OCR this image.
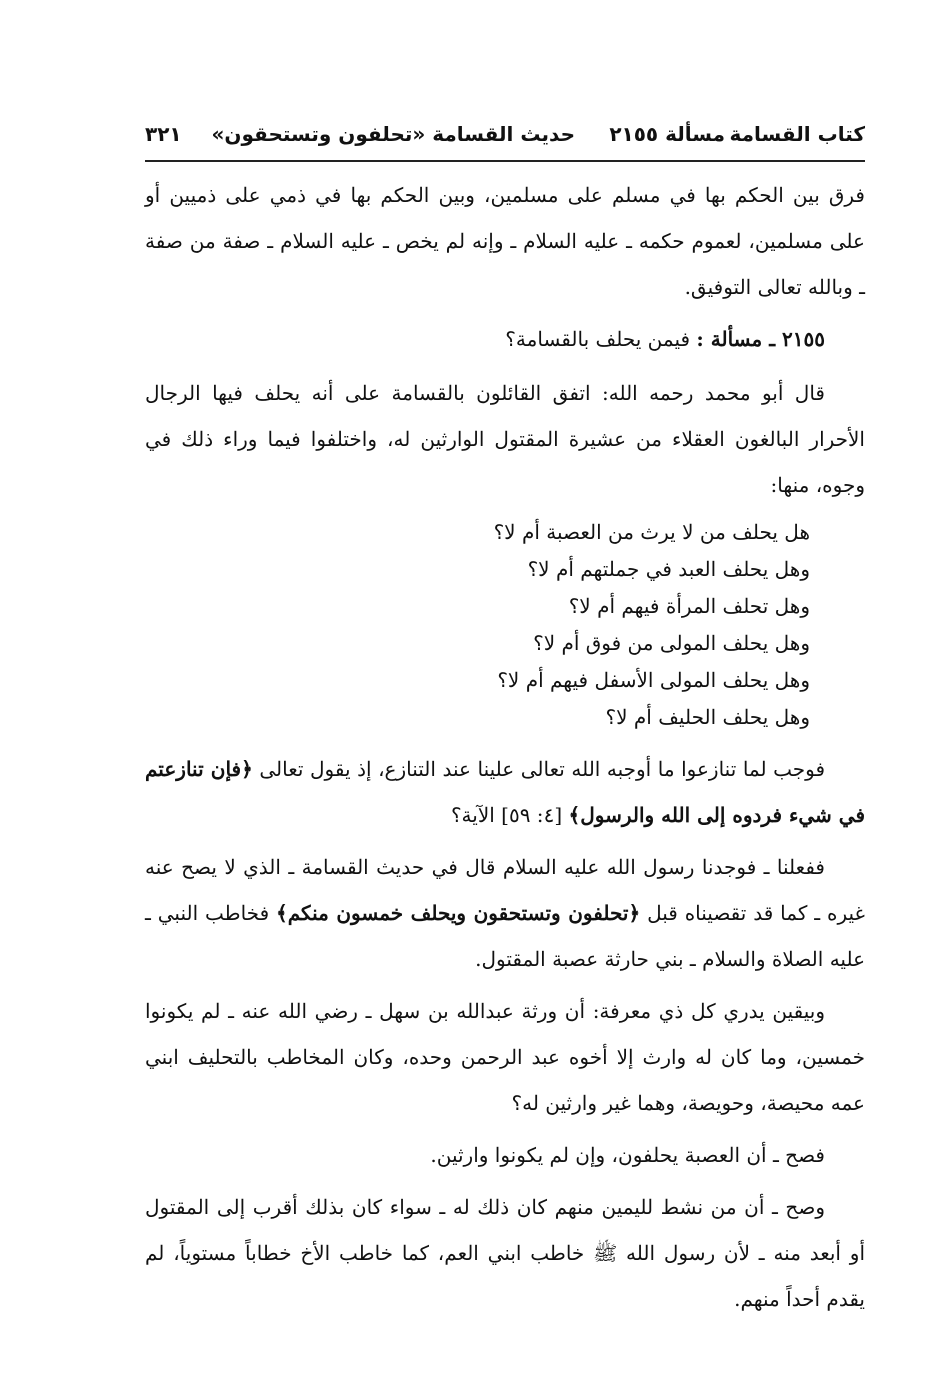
كتاب القسامة
مسألة ٢١٥٥
حديث القسامة «تحلفون وتستحقون»
٣٢١

فرق بين الحكم بها في مسلم على مسلمين، وبين الحكم بها في ذمي على ذميين أو على مسلمين، لعموم حكمه ـ عليه السلام ـ وإنه لم يخص ـ عليه السلام ـ صفة من صفة ـ وبالله تعالى التوفيق.

٢١٥٥ ـ مسألة : فيمن يحلف بالقسامة؟

قال أبو محمد رحمه الله: اتفق القائلون بالقسامة على أنه يحلف فيها الرجال الأحرار البالغون العقلاء من عشيرة المقتول الوارثين له، واختلفوا فيما وراء ذلك في وجوه، منها:

هل يحلف من لا يرث من العصبة أم لا؟
وهل يحلف العبد في جملتهم أم لا؟
وهل تحلف المرأة فيهم أم لا؟
وهل يحلف المولى من فوق أم لا؟
وهل يحلف المولى الأسفل فيهم أم لا؟
وهل يحلف الحليف أم لا؟

فوجب لما تنازعوا ما أوجبه الله تعالى علينا عند التنازع، إذ يقول تعالى ﴿فإن تنازعتم في شيء فردوه إلى الله والرسول﴾ [٤: ٥٩] الآية؟

ففعلنا ـ فوجدنا رسول الله عليه السلام قال في حديث القسامة ـ الذي لا يصح عنه غيره ـ كما قد تقصيناه قبل ﴿تحلفون وتستحقون ويحلف خمسون منكم﴾ فخاطب النبي ـ عليه الصلاة والسلام ـ بني حارثة عصبة المقتول.

وبيقين يدري كل ذي معرفة: أن ورثة عبدالله بن سهل ـ رضي الله عنه ـ لم يكونوا خمسين، وما كان له وارث إلا أخوه عبد الرحمن وحده، وكان المخاطب بالتحليف ابني عمه محيصة، وحويصة، وهما غير وارثين له؟

فصح ـ أن العصبة يحلفون، وإن لم يكونوا وارثين.

وصح ـ أن من نشط لليمين منهم كان ذلك له ـ سواء كان بذلك أقرب إلى المقتول أو أبعد منه ـ لأن رسول الله ﷺ خاطب ابني العم، كما خاطب الأخ خطاباً مستوياً، لم يقدم أحداً منهم.
